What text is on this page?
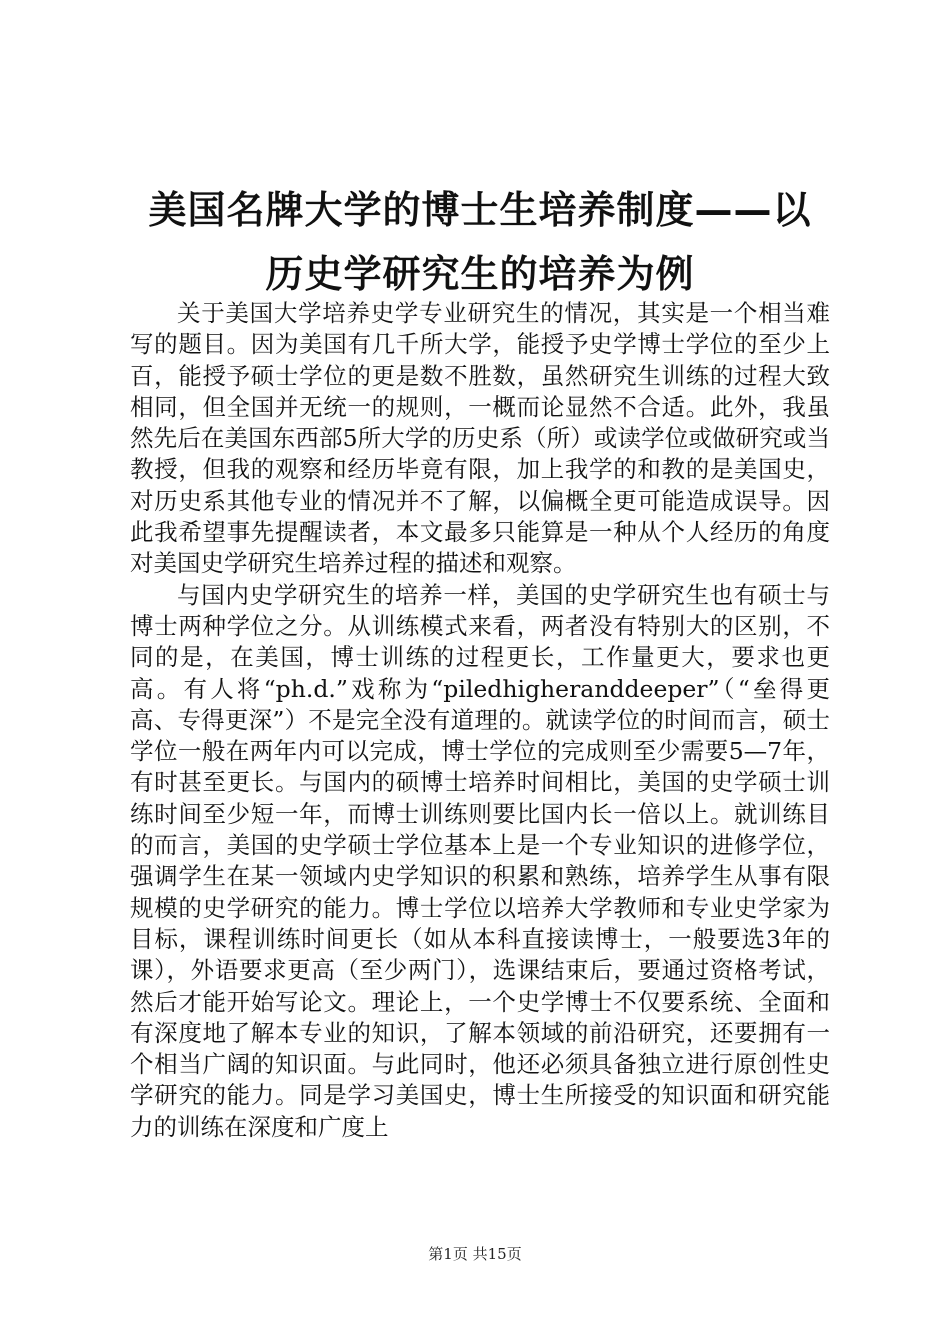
美国名牌大学的博士生培养制度——以历史学研究生的培养为例

关于美国大学培养史学专业研究生的情况，其实是一个相当难写的题目。因为美国有几千所大学，能授予史学博士学位的至少上百，能授予硕士学位的更是数不胜数，虽然研究生训练的过程大致相同，但全国并无统一的规则，一概而论显然不合适。此外，我虽然先后在美国东西部5所大学的历史系（所）或读学位或做研究或当教授，但我的观察和经历毕竟有限，加上我学的和教的是美国史，对历史系其他专业的情况并不了解，以偏概全更可能造成误导。因此我希望事先提醒读者，本文最多只能算是一种从个人经历的角度对美国史学研究生培养过程的描述和观察。

与国内史学研究生的培养一样，美国的史学研究生也有硕士与博士两种学位之分。从训练模式来看，两者没有特别大的区别，不同的是，在美国，博士训练的过程更长，工作量更大，要求也更高。有人将“ph.d.”戏称为“piledhigheranddeeper”（“垒得更高、专得更深”）不是完全没有道理的。就读学位的时间而言，硕士学位一般在两年内可以完成，博士学位的完成则至少需要5—7年，有时甚至更长。与国内的硕博士培养时间相比，美国的史学硕士训练时间至少短一年，而博士训练则要比国内长一倍以上。就训练目的而言，美国的史学硕士学位基本上是一个专业知识的进修学位，强调学生在某一领域内史学知识的积累和熟练，培养学生从事有限规模的史学研究的能力。博士学位以培养大学教师和专业史学家为目标，课程训练时间更长（如从本科直接读博士，一般要选3年的课），外语要求更高（至少两门），选课结束后，要通过资格考试，然后才能开始写论文。理论上，一个史学博士不仅要系统、全面和有深度地了解本专业的知识，了解本领域的前沿研究，还要拥有一个相当广阔的知识面。与此同时，他还必须具备独立进行原创性史学研究的能力。同是学习美国史，博士生所接受的知识面和研究能力的训练在深度和广度上

第1页 共15页
